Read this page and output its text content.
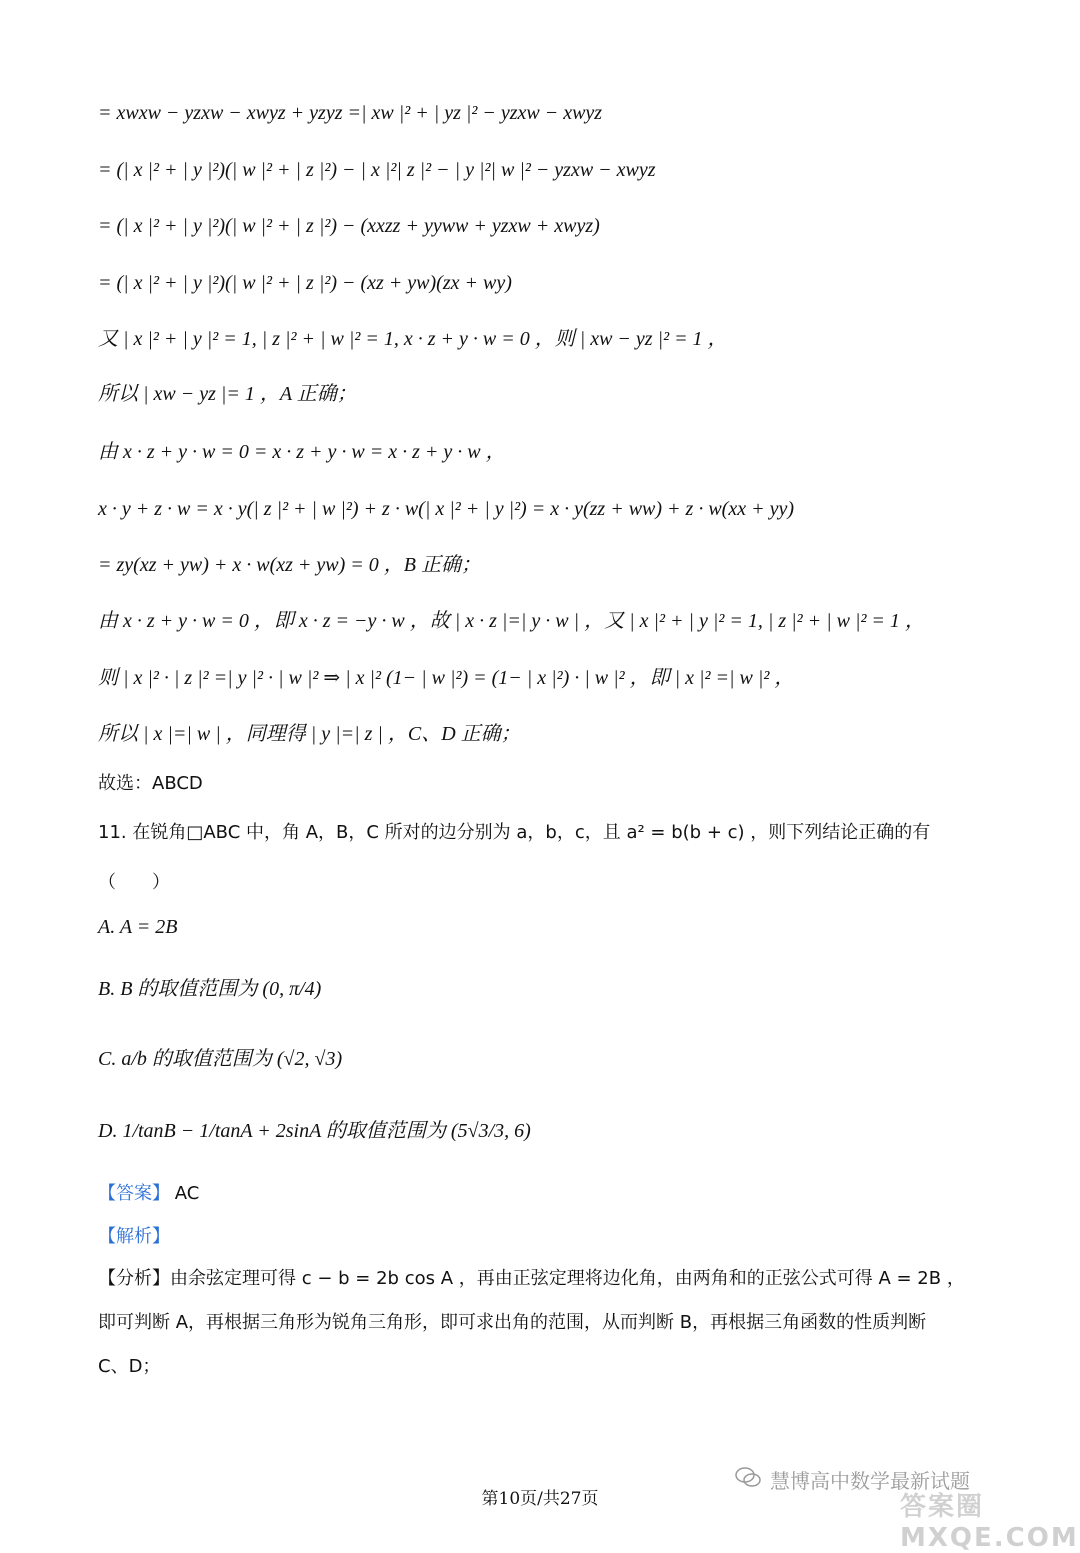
= xwxw − yzxw − xwyz + yzyz =| xw |² + | yz |² − yzxw − xwyz
= (| x |² + | y |²)(| w |² + | z |²) − | x |²| z |² − | y |²| w |² − yzxw − xwyz
= (| x |² + | y |²)(| w |² + | z |²) − (xxzz + yyww + yzxw + xwyz)
= (| x |² + | y |²)(| w |² + | z |²) − (xz + yw)(zx + wy)
又 | x |² + | y |² = 1, | z |² + | w |² = 1, x · z + y · w = 0 ，则 | xw − yz |² = 1 ，
所以 | xw − yz |= 1 ，A 正确；
由 x · z + y · w = 0 = x · z + y · w = x · z + y · w ，
x · y + z · w = x · y(| z |² + | w |²) + z · w(| x |² + | y |²) = x · y(zz + ww) + z · w(xx + yy)
= zy(xz + yw) + x · w(xz + yw) = 0 ，B 正确；
由 x · z + y · w = 0 ，即 x · z = −y · w ，故 | x · z |=| y · w | ，又 | x |² + | y |² = 1, | z |² + | w |² = 1 ，
则 | x |² · | z |² =| y |² · | w |² ⇒ | x |² (1− | w |²) = (1− | x |²) · | w |² ，即 | x |² =| w |² ，
所以 | x |=| w | ，同理得 | y |=| z | ，C、D 正确；
故选：ABCD
11. 在锐角□ABC 中，角 A，B，C 所对的边分别为 a，b，c，且 a² = b(b + c) ，则下列结论正确的有
（　　）
A. A = 2B
B. B 的取值范围为 (0, π/4)
C. a/b 的取值范围为 (√2, √3)
D. 1/tanB − 1/tanA + 2sinA 的取值范围为 (5√3/3, 6)
【答案】 AC
【解析】
【分析】由余弦定理可得 c − b = 2b cos A ，再由正弦定理将边化角，由两角和的正弦公式可得 A = 2B ，
即可判断 A，再根据三角形为锐角三角形，即可求出角的范围，从而判断 B，再根据三角函数的性质判断
C、D；
慧博高中数学最新试题
答案圈 MXQE.COM
第10页/共27页
